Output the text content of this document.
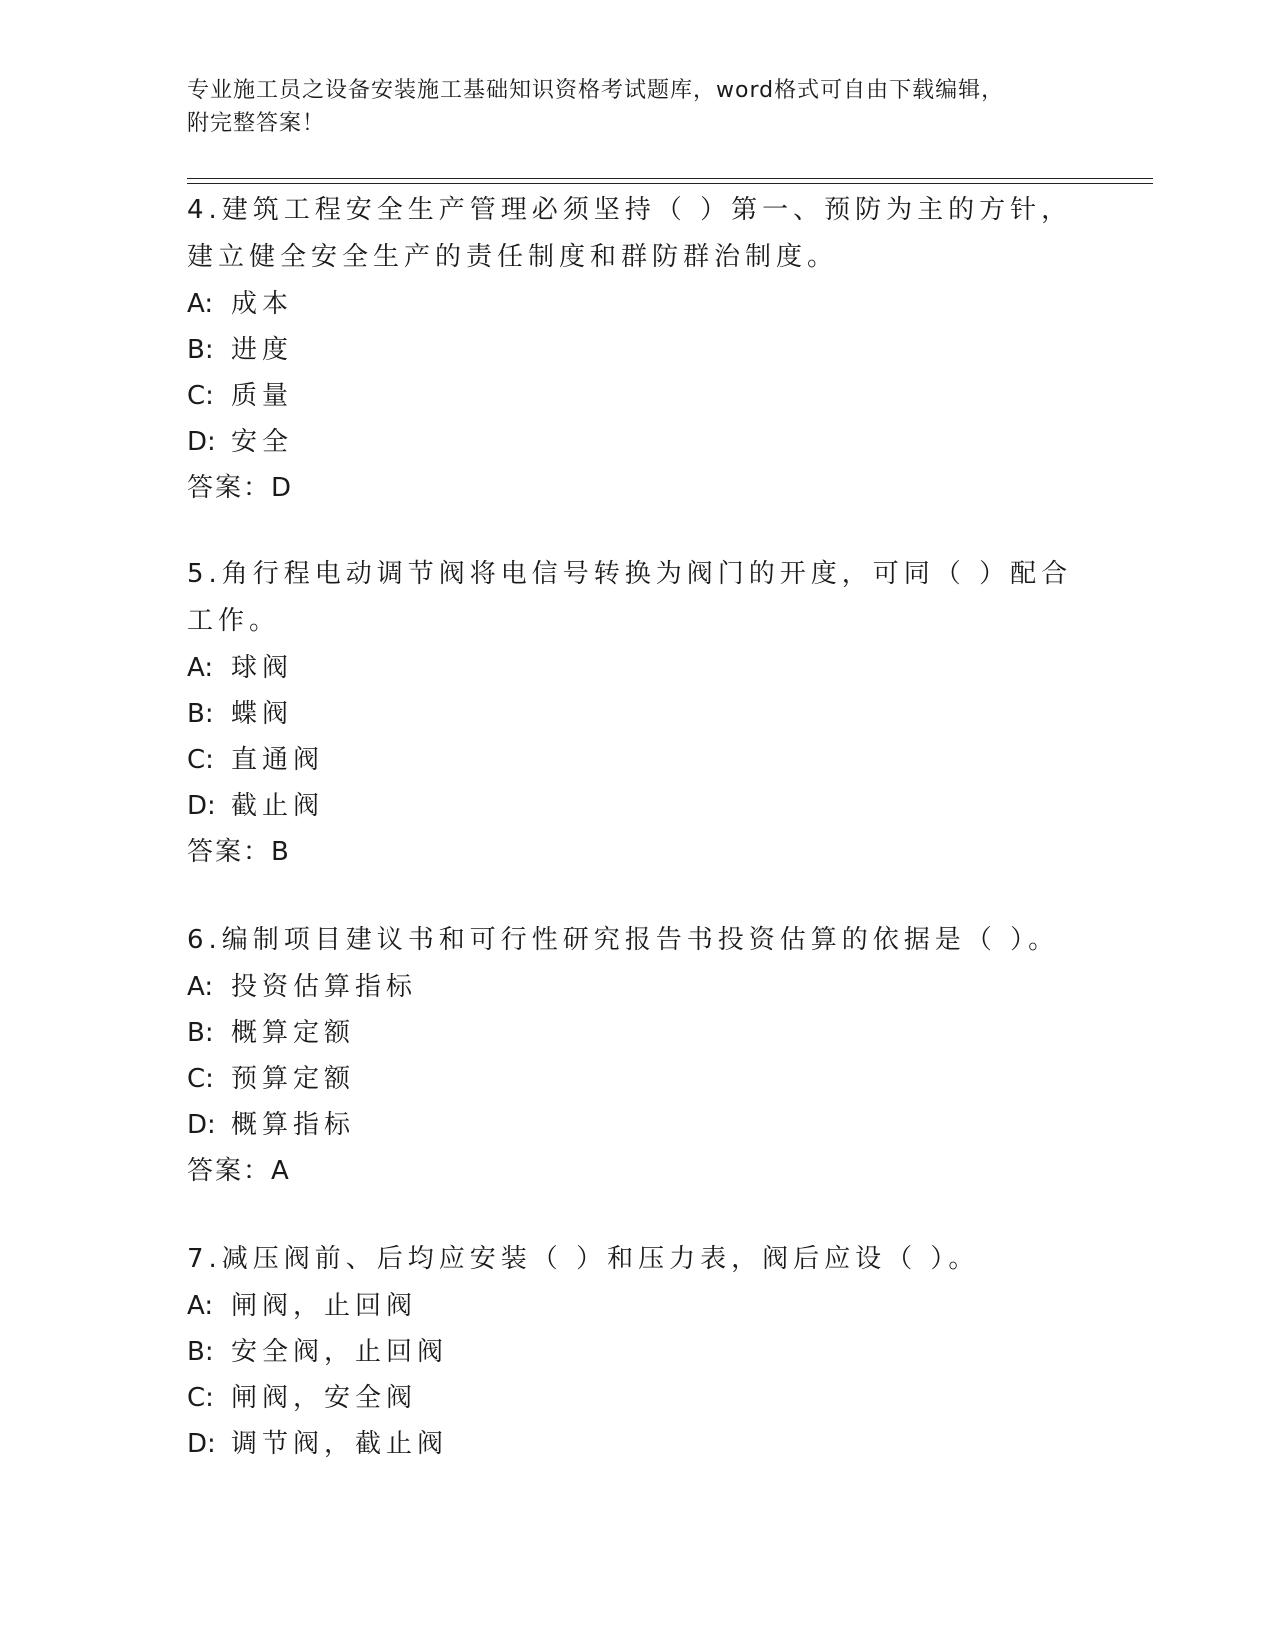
专业施工员之设备安装施工基础知识资格考试题库，word格式可自由下载编辑，
附完整答案！

4.建筑工程安全生产管理必须坚持（ ）第一、预防为主的方针，建立健全安全生产的责任制度和群防群治制度。

A: 成本
B: 进度
C: 质量
D: 安全
答案：D

5.角行程电动调节阀将电信号转换为阀门的开度，可同（ ）配合工作。

A: 球阀
B: 蝶阀
C: 直通阀
D: 截止阀
答案：B

6.编制项目建议书和可行性研究报告书投资估算的依据是（ ）。

A: 投资估算指标
B: 概算定额
C: 预算定额
D: 概算指标
答案：A

7.减压阀前、后均应安装（ ）和压力表，阀后应设（ ）。

A: 闸阀，止回阀
B: 安全阀，止回阀
C: 闸阀，安全阀
D: 调节阀，截止阀
